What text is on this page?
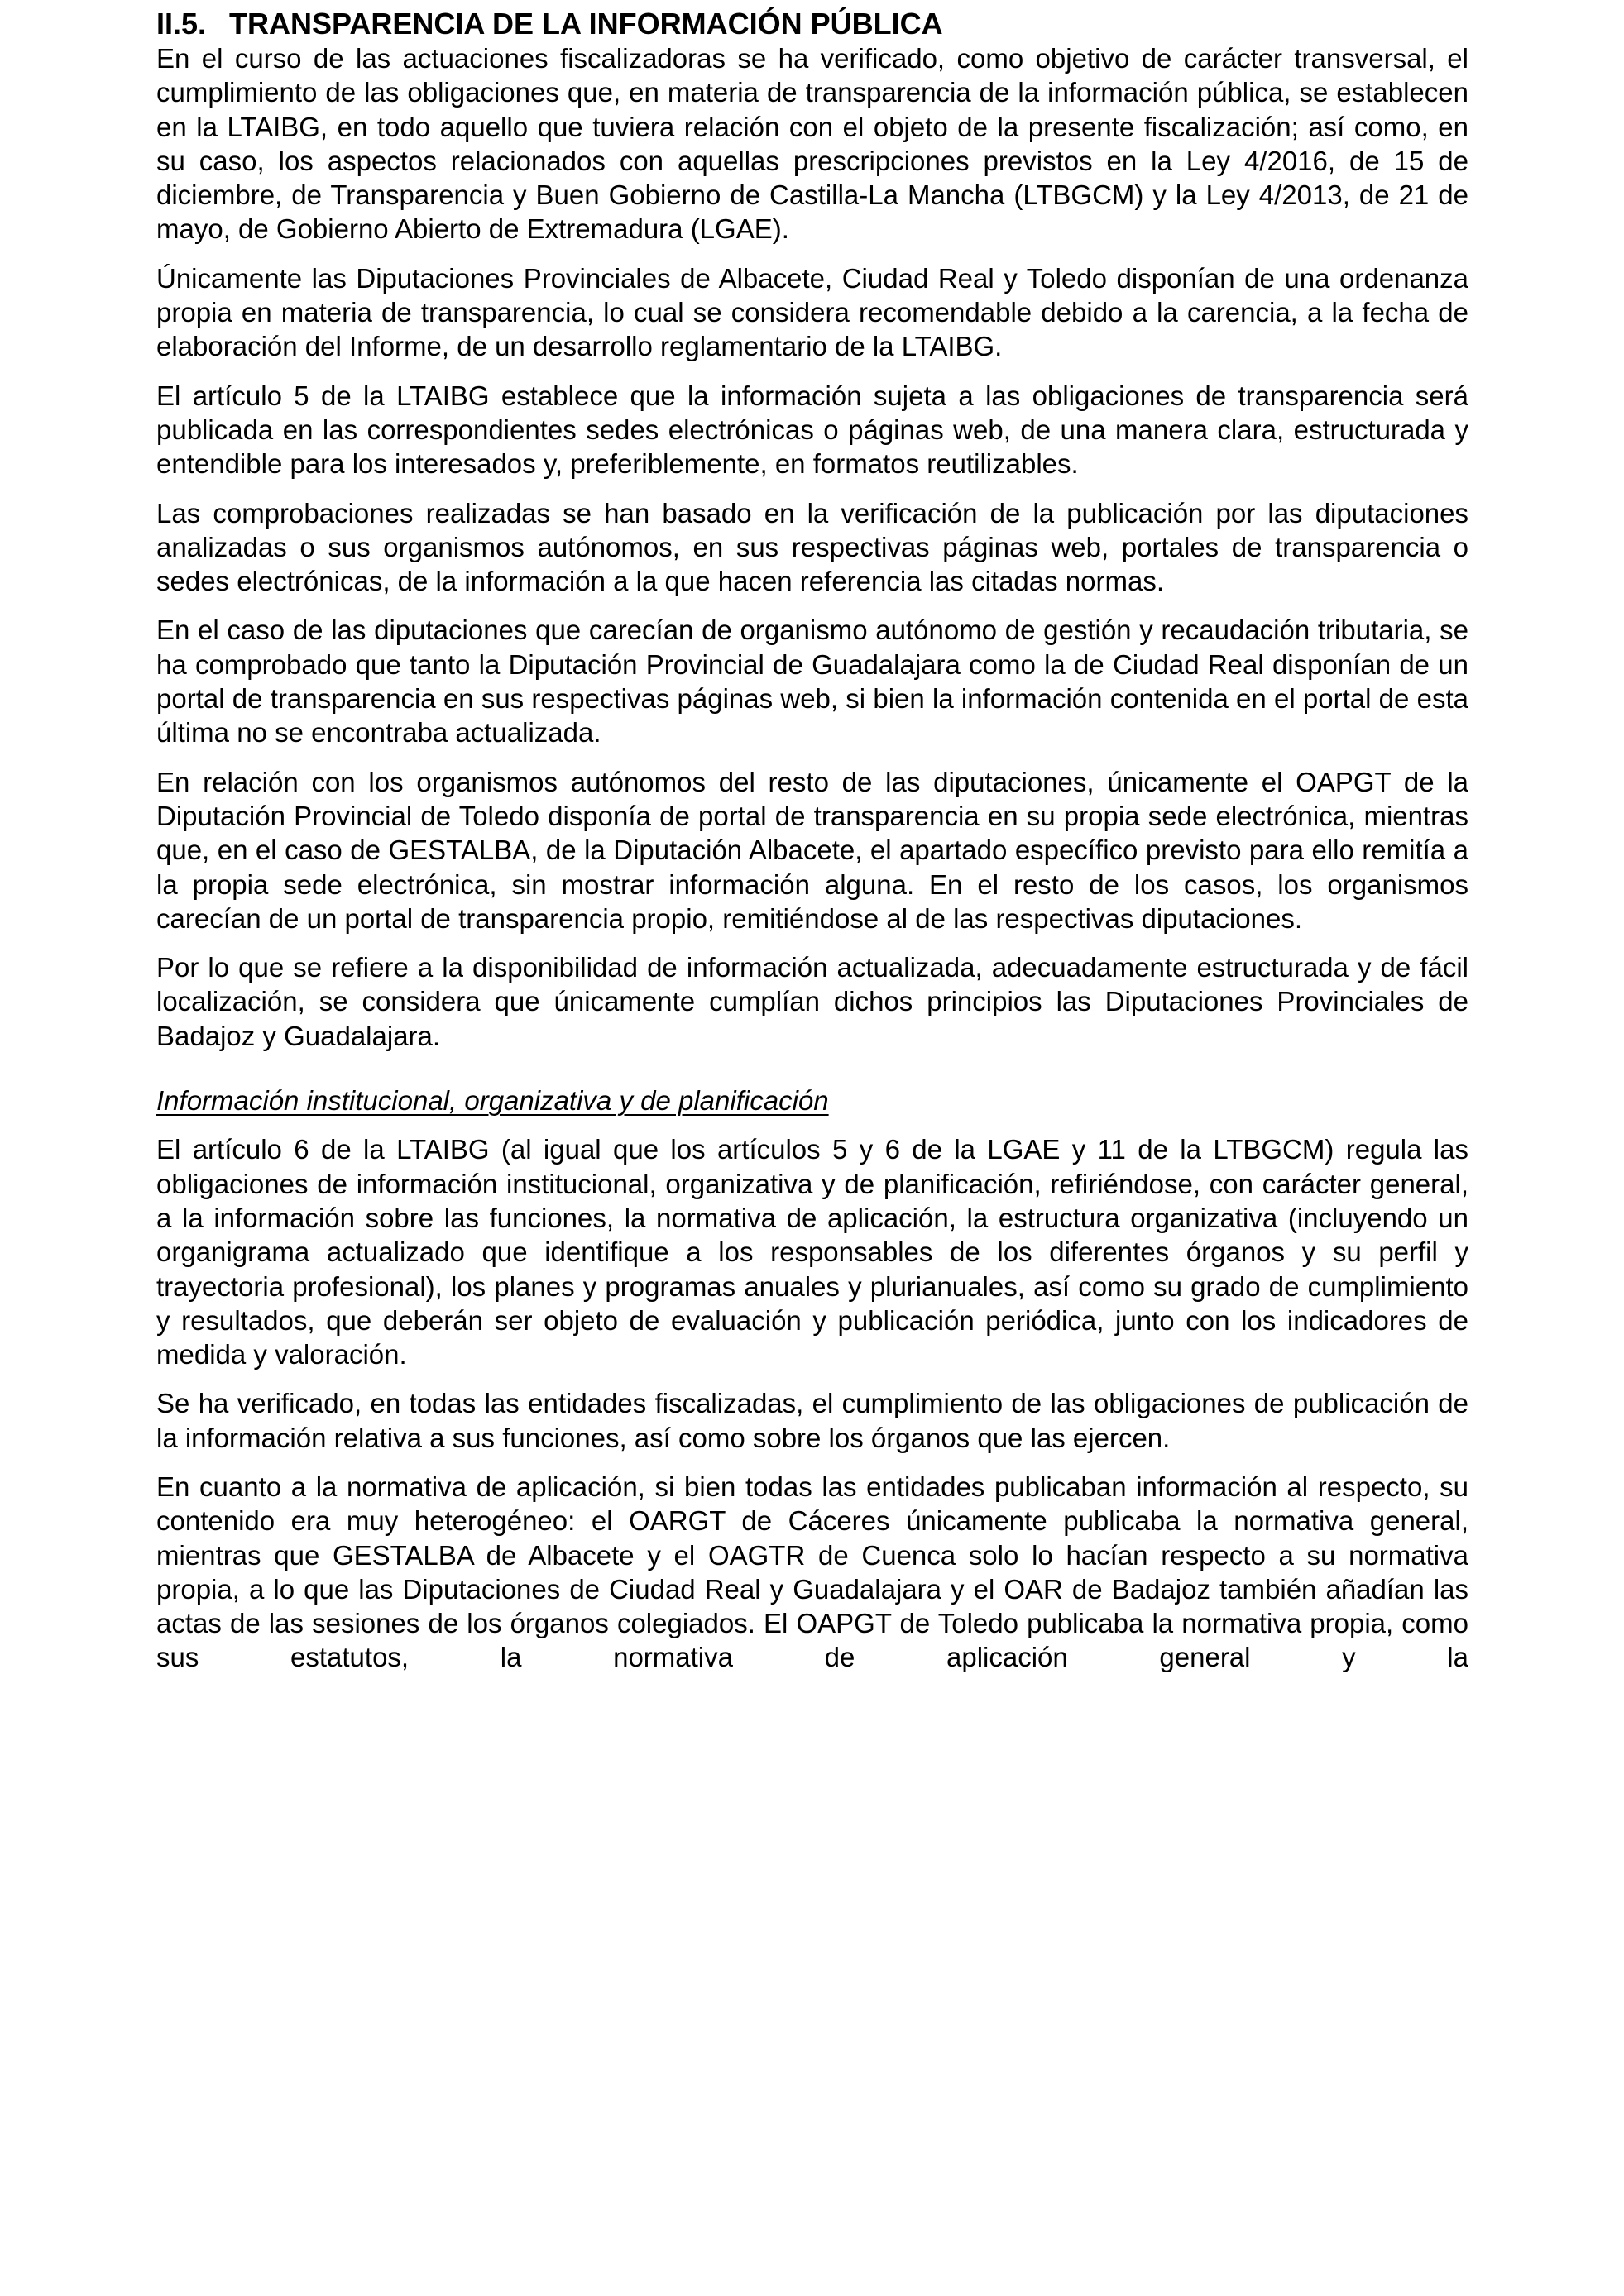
II.5. TRANSPARENCIA DE LA INFORMACIÓN PÚBLICA

En el curso de las actuaciones fiscalizadoras se ha verificado, como objetivo de carácter transversal, el cumplimiento de las obligaciones que, en materia de transparencia de la información pública, se establecen en la LTAIBG, en todo aquello que tuviera relación con el objeto de la presente fiscalización; así como, en su caso, los aspectos relacionados con aquellas prescripciones previstos en la Ley 4/2016, de 15 de diciembre, de Transparencia y Buen Gobierno de Castilla-La Mancha (LTBGCM) y la Ley 4/2013, de 21 de mayo, de Gobierno Abierto de Extremadura (LGAE).

Únicamente las Diputaciones Provinciales de Albacete, Ciudad Real y Toledo disponían de una ordenanza propia en materia de transparencia, lo cual se considera recomendable debido a la carencia, a la fecha de elaboración del Informe, de un desarrollo reglamentario de la LTAIBG.

El artículo 5 de la LTAIBG establece que la información sujeta a las obligaciones de transparencia será publicada en las correspondientes sedes electrónicas o páginas web, de una manera clara, estructurada y entendible para los interesados y, preferiblemente, en formatos reutilizables.

Las comprobaciones realizadas se han basado en la verificación de la publicación por las diputaciones analizadas o sus organismos autónomos, en sus respectivas páginas web, portales de transparencia o sedes electrónicas, de la información a la que hacen referencia las citadas normas.

En el caso de las diputaciones que carecían de organismo autónomo de gestión y recaudación tributaria, se ha comprobado que tanto la Diputación Provincial de Guadalajara como la de Ciudad Real disponían de un portal de transparencia en sus respectivas páginas web, si bien la información contenida en el portal de esta última no se encontraba actualizada.

En relación con los organismos autónomos del resto de las diputaciones, únicamente el OAPGT de la Diputación Provincial de Toledo disponía de portal de transparencia en su propia sede electrónica, mientras que, en el caso de GESTALBA, de la Diputación Albacete, el apartado específico previsto para ello remitía a la propia sede electrónica, sin mostrar información alguna. En el resto de los casos, los organismos carecían de un portal de transparencia propio, remitiéndose al de las respectivas diputaciones.

Por lo que se refiere a la disponibilidad de información actualizada, adecuadamente estructurada y de fácil localización, se considera que únicamente cumplían dichos principios las Diputaciones Provinciales de Badajoz y Guadalajara.

Información institucional, organizativa y de planificación

El artículo 6 de la LTAIBG (al igual que los artículos 5 y 6 de la LGAE y 11 de la LTBGCM) regula las obligaciones de información institucional, organizativa y de planificación, refiriéndose, con carácter general, a la información sobre las funciones, la normativa de aplicación, la estructura organizativa (incluyendo un organigrama actualizado que identifique a los responsables de los diferentes órganos y su perfil y trayectoria profesional), los planes y programas anuales y plurianuales, así como su grado de cumplimiento y resultados, que deberán ser objeto de evaluación y publicación periódica, junto con los indicadores de medida y valoración.

Se ha verificado, en todas las entidades fiscalizadas, el cumplimiento de las obligaciones de publicación de la información relativa a sus funciones, así como sobre los órganos que las ejercen.

En cuanto a la normativa de aplicación, si bien todas las entidades publicaban información al respecto, su contenido era muy heterogéneo: el OARGT de Cáceres únicamente publicaba la normativa general, mientras que GESTALBA de Albacete y el OAGTR de Cuenca solo lo hacían respecto a su normativa propia, a lo que las Diputaciones de Ciudad Real y Guadalajara y el OAR de Badajoz también añadían las actas de las sesiones de los órganos colegiados. El OAPGT de Toledo publicaba la normativa propia, como sus estatutos, la normativa de aplicación general y la
